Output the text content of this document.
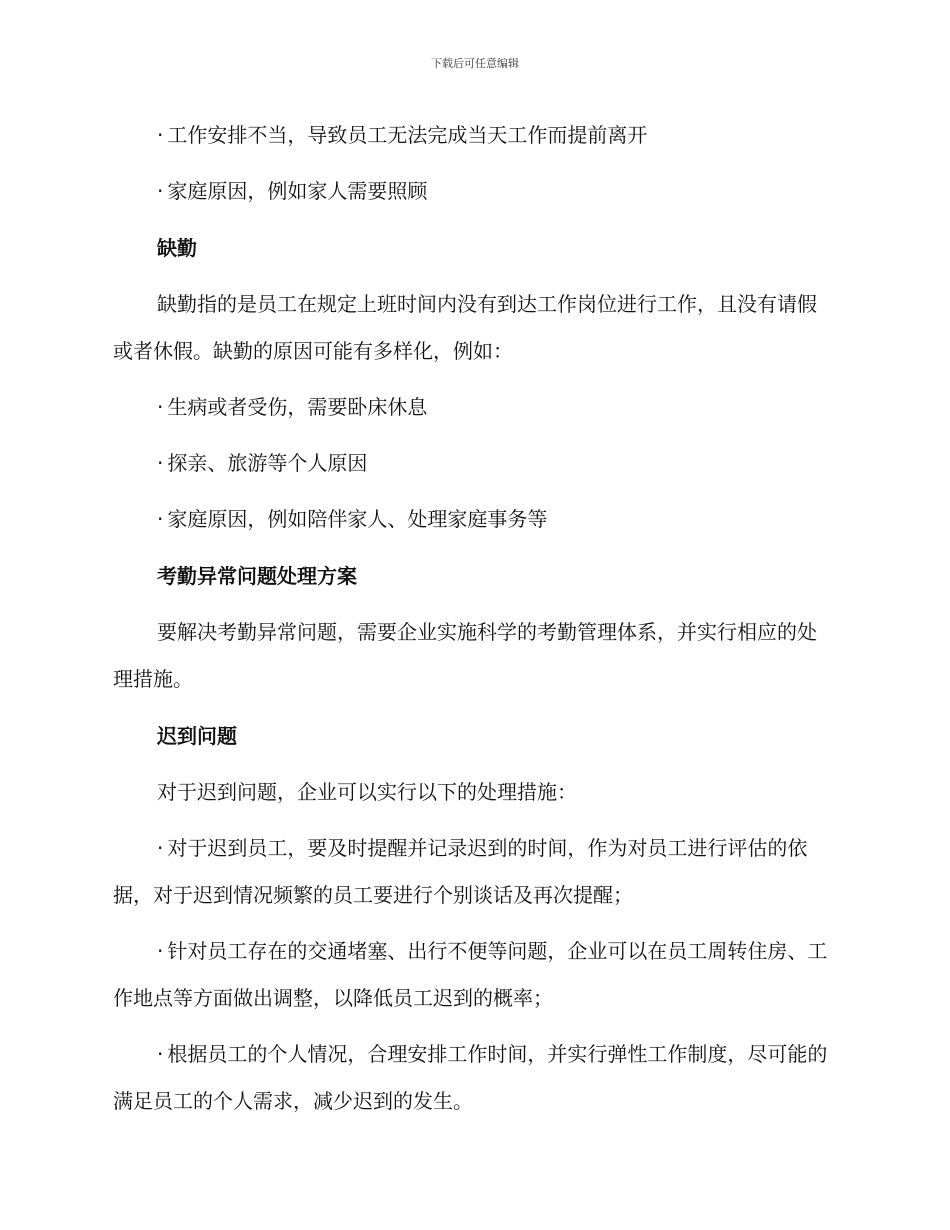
下载后可任意编辑

· 工作安排不当，导致员工无法完成当天工作而提前离开

· 家庭原因，例如家人需要照顾

缺勤

缺勤指的是员工在规定上班时间内没有到达工作岗位进行工作，且没有请假或者休假。缺勤的原因可能有多样化，例如：

· 生病或者受伤，需要卧床休息

· 探亲、旅游等个人原因

· 家庭原因，例如陪伴家人、处理家庭事务等

考勤异常问题处理方案

要解决考勤异常问题，需要企业实施科学的考勤管理体系，并实行相应的处理措施。

迟到问题

对于迟到问题，企业可以实行以下的处理措施：

· 对于迟到员工，要及时提醒并记录迟到的时间，作为对员工进行评估的依据，对于迟到情况频繁的员工要进行个别谈话及再次提醒；

· 针对员工存在的交通堵塞、出行不便等问题，企业可以在员工周转住房、工作地点等方面做出调整，以降低员工迟到的概率；

· 根据员工的个人情况，合理安排工作时间，并实行弹性工作制度，尽可能的满足员工的个人需求，减少迟到的发生。
